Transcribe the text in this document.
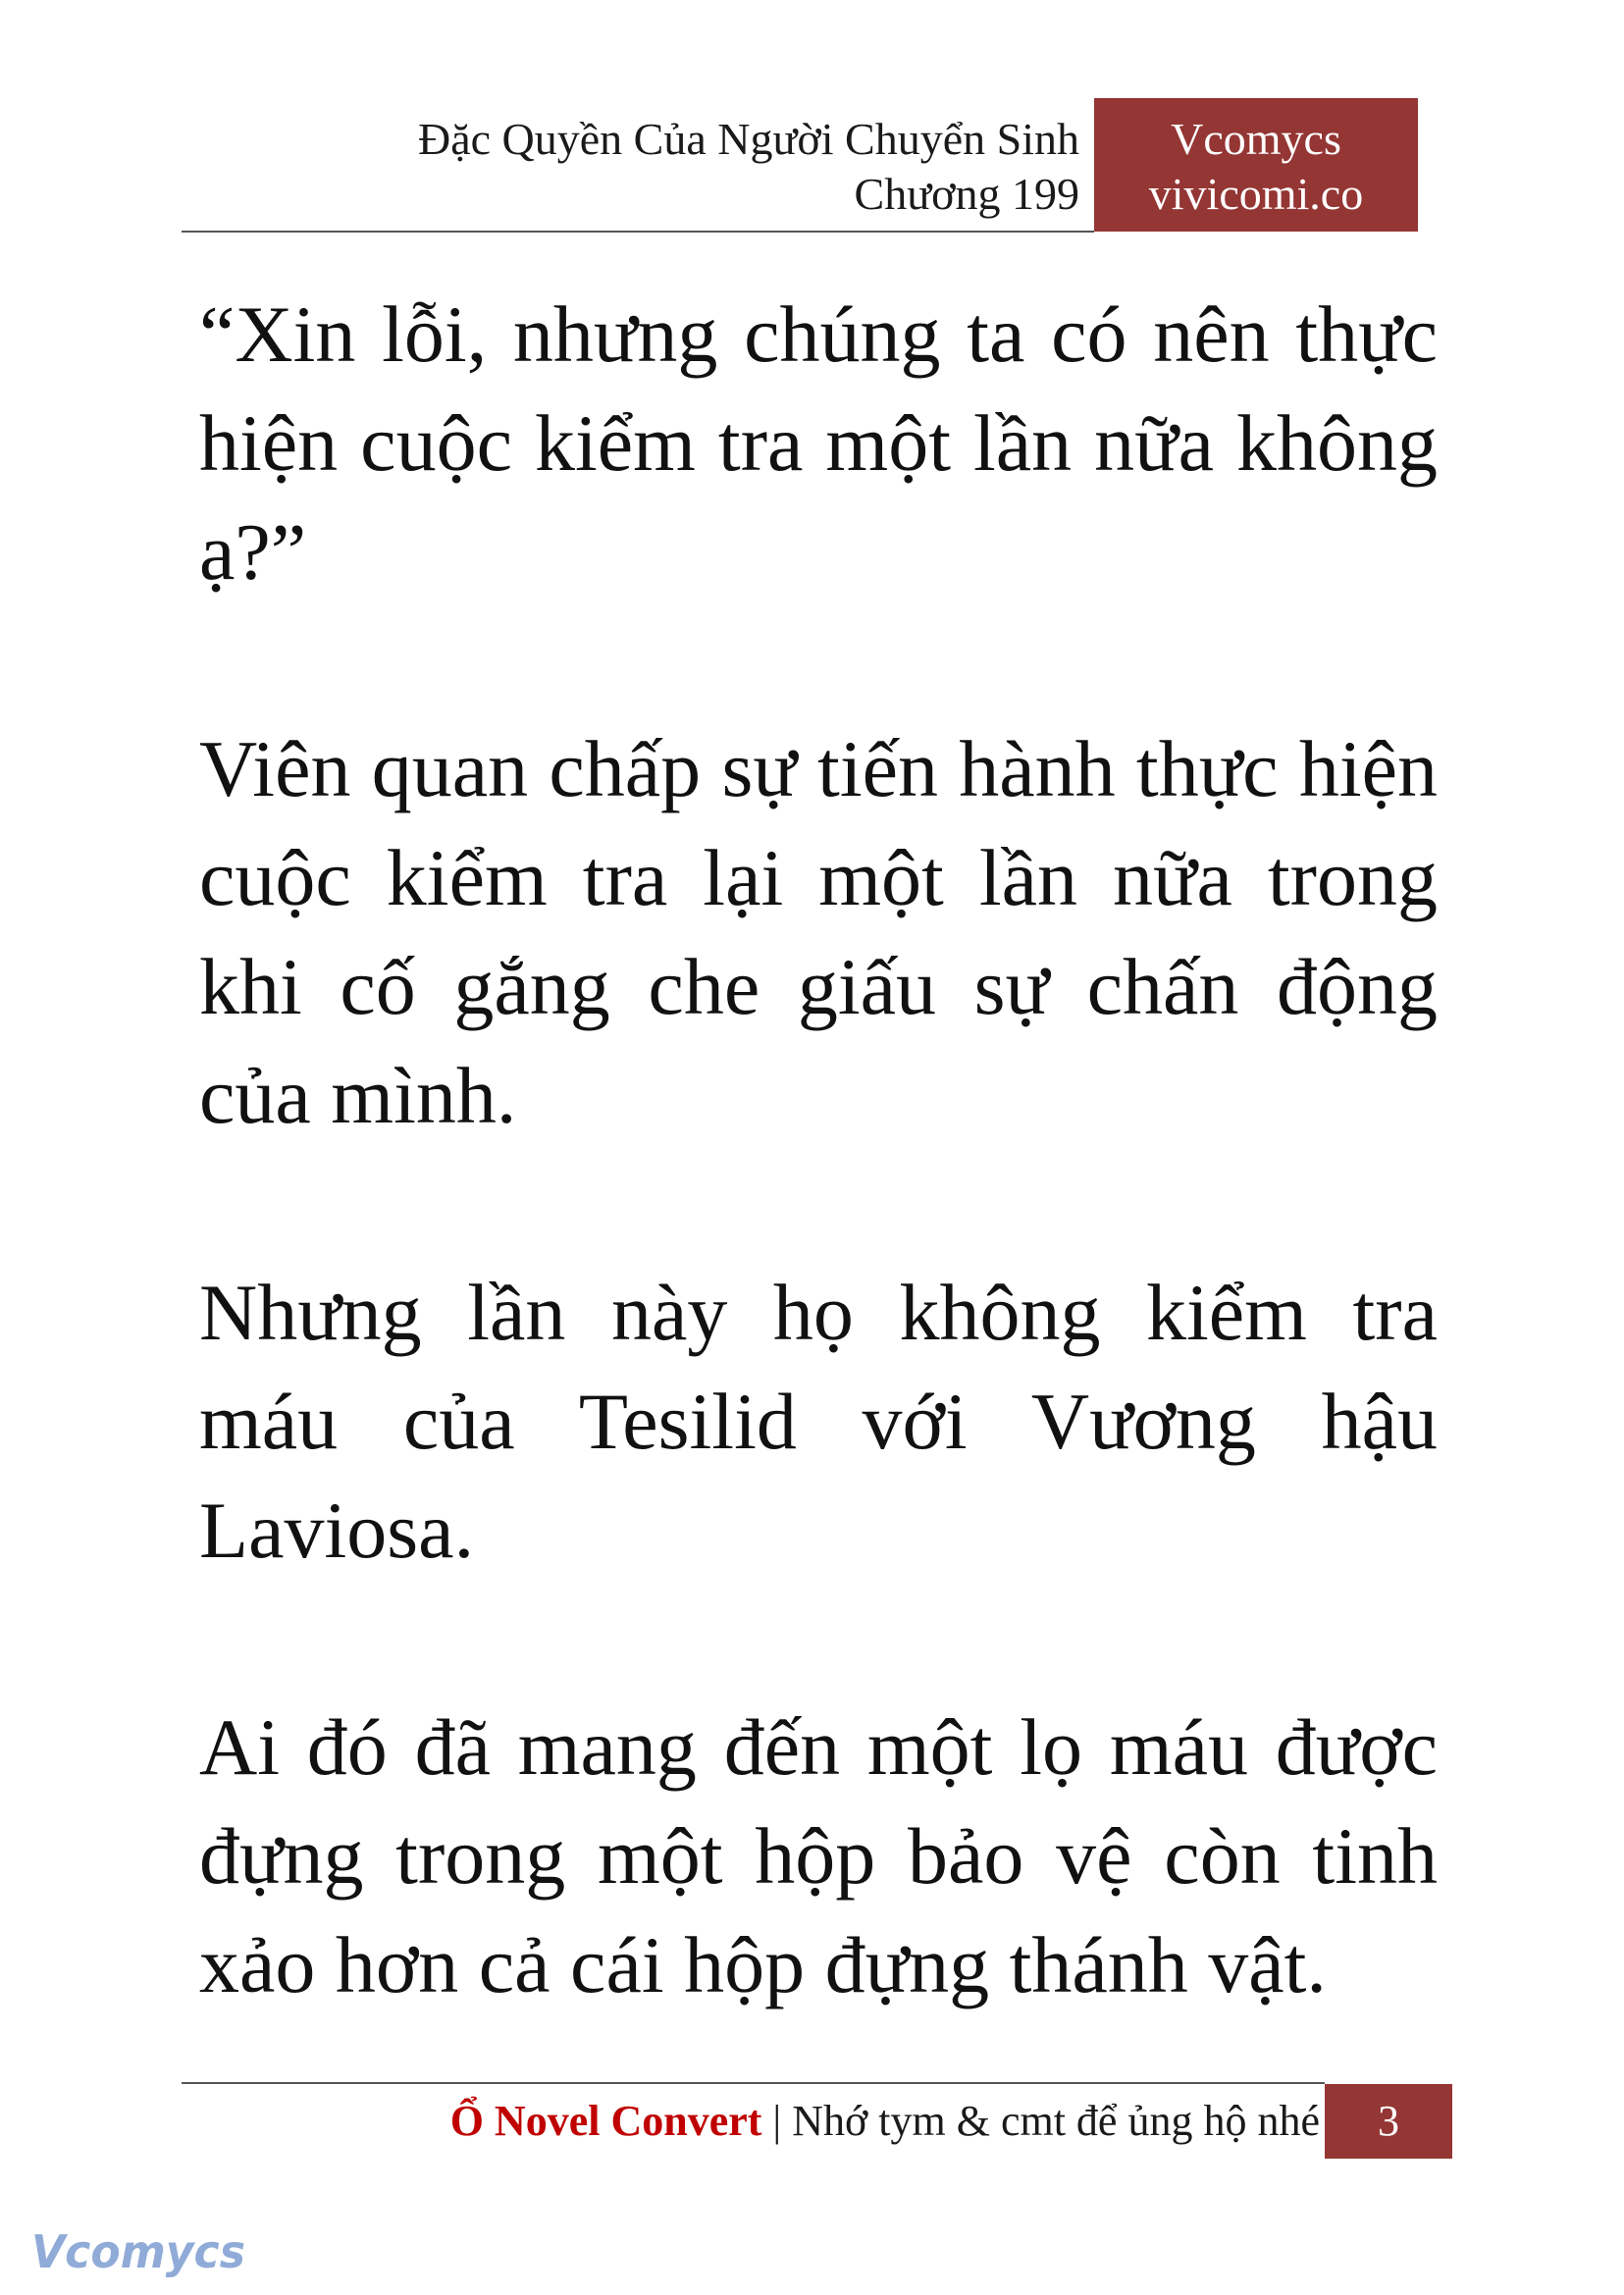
Đặc Quyền Của Người Chuyển Sinh
Chương 199
Vcomycs
vivicomi.co

“Xin lỗi, nhưng chúng ta có nên thực hiện cuộc kiểm tra một lần nữa không ạ?”

Viên quan chấp sự tiến hành thực hiện cuộc kiểm tra lại một lần nữa trong khi cố gắng che giấu sự chấn động của mình.

Nhưng lần này họ không kiểm tra máu của Tesilid với Vương hậu Laviosa.

Ai đó đã mang đến một lọ máu được đựng trong một hộp bảo vệ còn tinh xảo hơn cả cái hộp đựng thánh vật.

Ổ Novel Convert | Nhớ tym & cmt để ủng hộ nhé	3
Vcomycs
